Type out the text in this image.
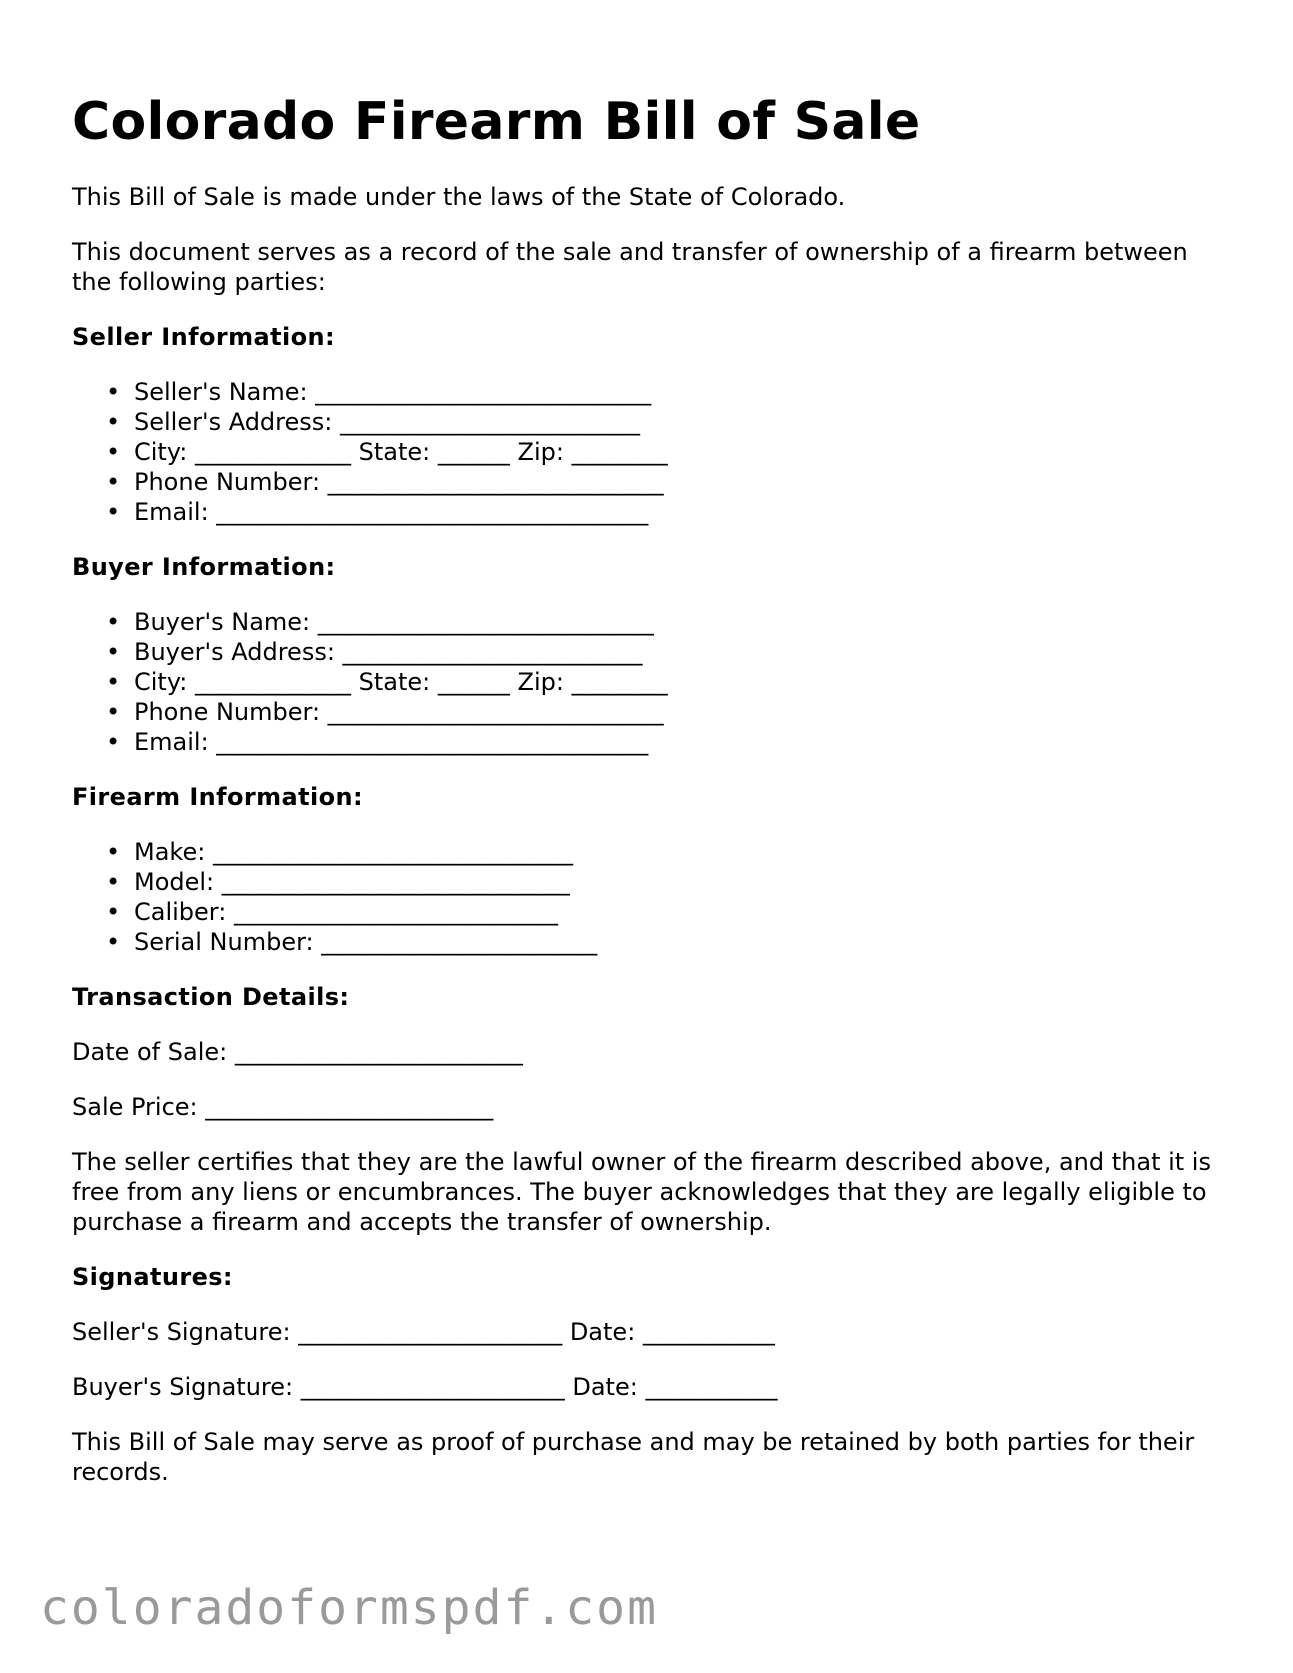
Colorado Firearm Bill of Sale

This Bill of Sale is made under the laws of the State of Colorado.

This document serves as a record of the sale and transfer of ownership of a firearm between the following parties:

Seller Information:
• Seller's Name: ____________________________
• Seller's Address: _________________________
• City: _____________ State: ______ Zip: ________
• Phone Number: ____________________________
• Email: ____________________________________
Buyer Information:
• Buyer's Name: ____________________________
• Buyer's Address: _________________________
• City: _____________ State: ______ Zip: ________
• Phone Number: ____________________________
• Email: ____________________________________
Firearm Information:
• Make: ______________________________
• Model: _____________________________
• Caliber: ___________________________
• Serial Number: _______________________
Transaction Details:

Date of Sale: ________________________

Sale Price: ________________________

The seller certifies that they are the lawful owner of the firearm described above, and that it is free from any liens or encumbrances. The buyer acknowledges that they are legally eligible to purchase a firearm and accepts the transfer of ownership.

Signatures:

Seller's Signature: ______________________ Date: ___________

Buyer's Signature: ______________________ Date: ___________

This Bill of Sale may serve as proof of purchase and may be retained by both parties for their records.

coloradoformspdf.com
